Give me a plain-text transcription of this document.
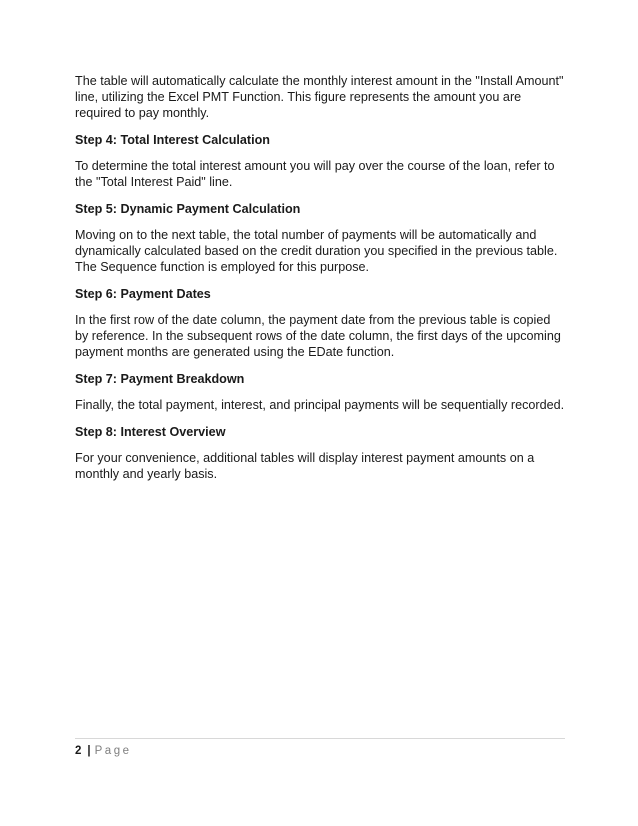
The table will automatically calculate the monthly interest amount in the "Install Amount" line, utilizing the Excel PMT Function. This figure represents the amount you are required to pay monthly.

Step 4: Total Interest Calculation

To determine the total interest amount you will pay over the course of the loan, refer to the "Total Interest Paid" line.

Step 5: Dynamic Payment Calculation

Moving on to the next table, the total number of payments will be automatically and dynamically calculated based on the credit duration you specified in the previous table. The Sequence function is employed for this purpose.

Step 6: Payment Dates

In the first row of the date column, the payment date from the previous table is copied by reference. In the subsequent rows of the date column, the first days of the upcoming payment months are generated using the EDate function.

Step 7: Payment Breakdown

Finally, the total payment, interest, and principal payments will be sequentially recorded.

Step 8: Interest Overview

For your convenience, additional tables will display interest payment amounts on a monthly and yearly basis.

2 | Page
